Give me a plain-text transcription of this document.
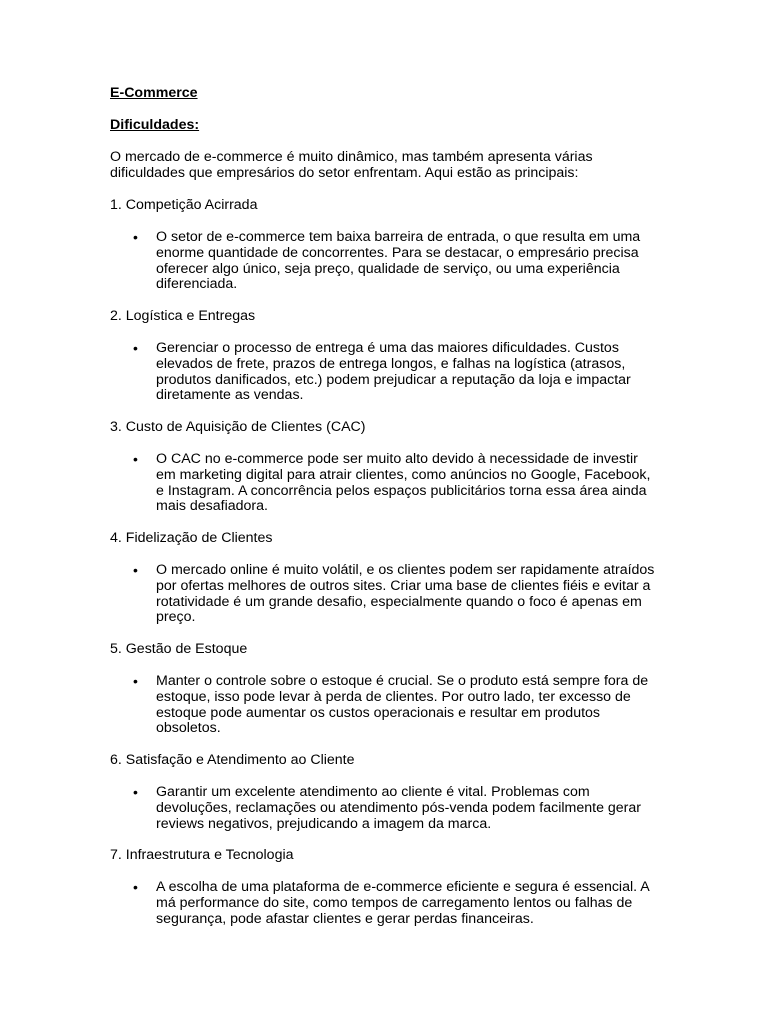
E-Commerce

Dificuldades:

O mercado de e-commerce é muito dinâmico, mas também apresenta várias

dificuldades que empresários do setor enfrentam. Aqui estão as principais:

1. Competição Acirrada

• O setor de e-commerce tem baixa barreira de entrada, o que resulta em uma

enorme quantidade de concorrentes. Para se destacar, o empresário precisa

oferecer algo único, seja preço, qualidade de serviço, ou uma experiência

diferenciada.

2. Logística e Entregas

• Gerenciar o processo de entrega é uma das maiores dificuldades. Custos

elevados de frete, prazos de entrega longos, e falhas na logística (atrasos,

produtos danificados, etc.) podem prejudicar a reputação da loja e impactar

diretamente as vendas.

3. Custo de Aquisição de Clientes (CAC)

• O CAC no e-commerce pode ser muito alto devido à necessidade de investir

em marketing digital para atrair clientes, como anúncios no Google, Facebook,

e Instagram. A concorrência pelos espaços publicitários torna essa área ainda

mais desafiadora.

4. Fidelização de Clientes

• O mercado online é muito volátil, e os clientes podem ser rapidamente atraídos

por ofertas melhores de outros sites. Criar uma base de clientes fiéis e evitar a

rotatividade é um grande desafio, especialmente quando o foco é apenas em

preço.

5. Gestão de Estoque

• Manter o controle sobre o estoque é crucial. Se o produto está sempre fora de

estoque, isso pode levar à perda de clientes. Por outro lado, ter excesso de

estoque pode aumentar os custos operacionais e resultar em produtos

obsoletos.

6. Satisfação e Atendimento ao Cliente

• Garantir um excelente atendimento ao cliente é vital. Problemas com

devoluções, reclamações ou atendimento pós-venda podem facilmente gerar

reviews negativos, prejudicando a imagem da marca.

7. Infraestrutura e Tecnologia

• A escolha de uma plataforma de e-commerce eficiente e segura é essencial. A

má performance do site, como tempos de carregamento lentos ou falhas de

segurança, pode afastar clientes e gerar perdas financeiras.
